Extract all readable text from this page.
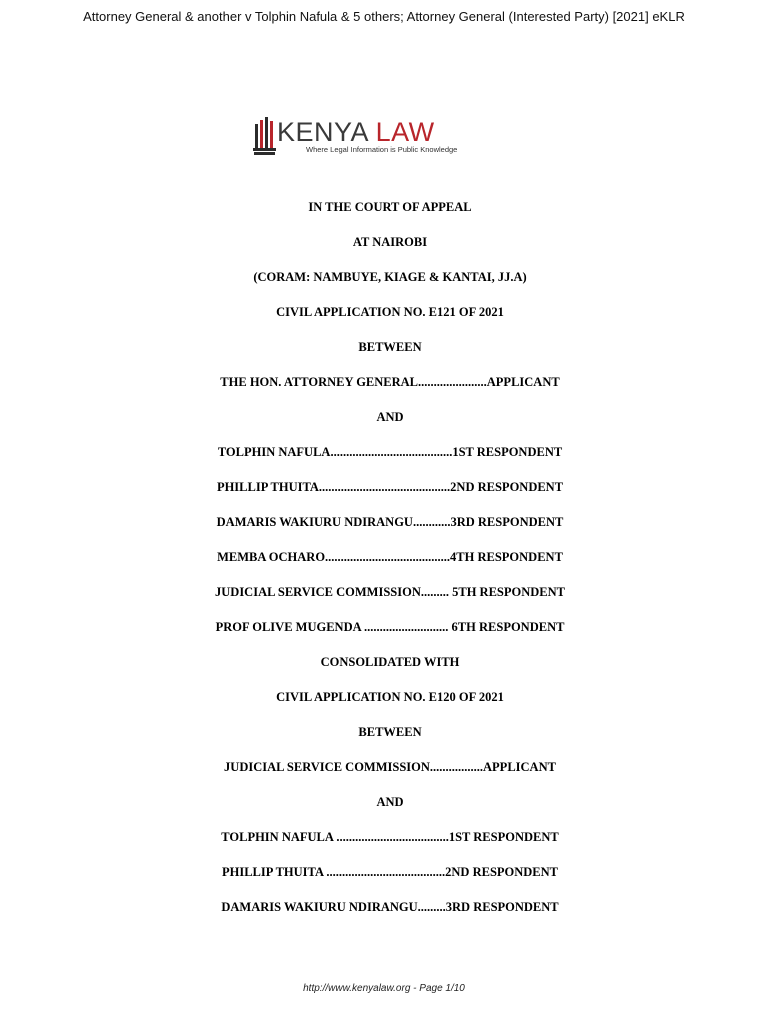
Attorney General & another v Tolphin Nafula & 5 others; Attorney General (Interested Party) [2021] eKLR
KENYA LAW
Where Legal Information is Public Knowledge
IN THE COURT OF APPEAL
AT NAIROBI
(CORAM: NAMBUYE, KIAGE & KANTAI, JJ.A)
CIVIL APPLICATION NO. E121 OF 2021
BETWEEN
THE HON. ATTORNEY GENERAL......................APPLICANT
AND
TOLPHIN NAFULA.......................................1ST RESPONDENT
PHILLIP THUITA..........................................2ND RESPONDENT
DAMARIS WAKIURU NDIRANGU............3RD RESPONDENT
MEMBA OCHARO........................................4TH RESPONDENT
JUDICIAL SERVICE COMMISSION......... 5TH RESPONDENT
PROF OLIVE MUGENDA ........................... 6TH RESPONDENT
CONSOLIDATED WITH
CIVIL APPLICATION NO. E120 OF 2021
BETWEEN
JUDICIAL SERVICE COMMISSION.................APPLICANT
AND
TOLPHIN NAFULA ....................................1ST RESPONDENT
PHILLIP THUITA ......................................2ND RESPONDENT
DAMARIS WAKIURU NDIRANGU.........3RD RESPONDENT
http://www.kenyalaw.org - Page 1/10
